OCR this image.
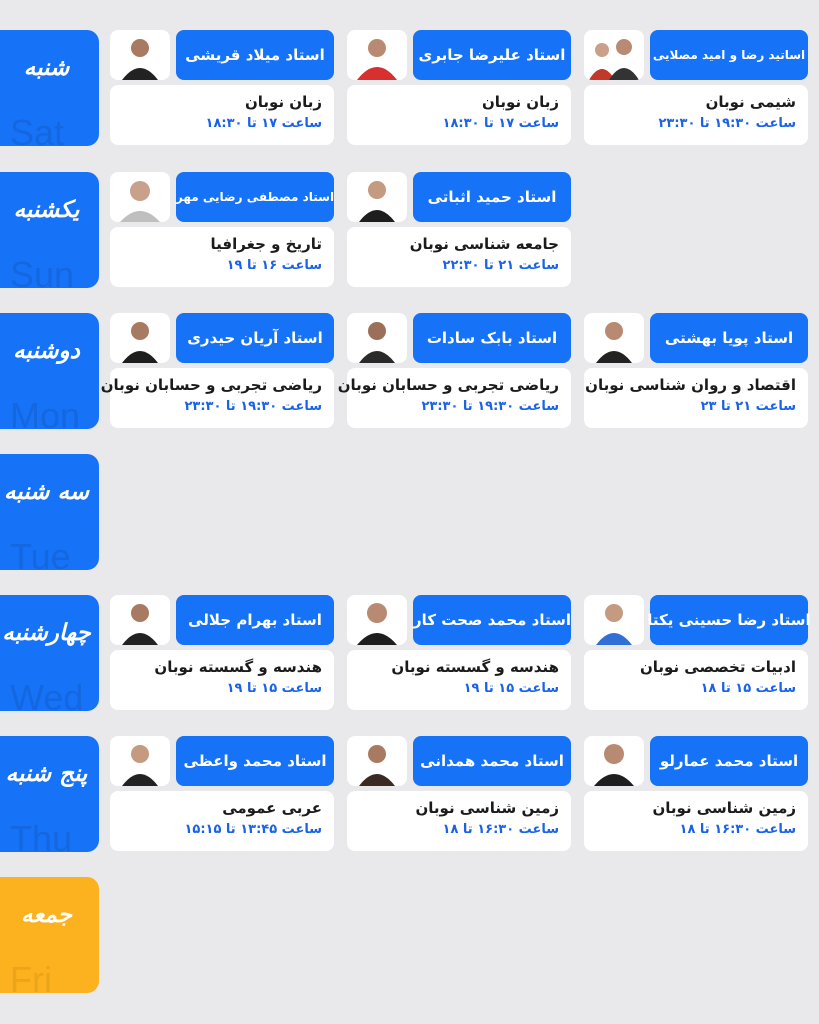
Sat
شنبه	اساتید رضا و امید مصلایی
شیمی نوبان
ساعت ۱۹:۳۰ تا ۲۳:۳۰
استاد علیرضا جابری
زبان نوبان
ساعت ۱۷ تا ۱۸:۳۰
استاد میلاد قریشی
زبان نوبان
ساعت ۱۷ تا ۱۸:۳۰
Sun
یکشنبه	استاد حمید اثباتی
جامعه شناسی نوبان
ساعت ۲۱ تا ۲۲:۳۰
استاد مصطفی رضایی مهر
تاریخ و جغرافیا
ساعت ۱۶ تا ۱۹
Mon
دوشنبه	استاد پویا بهشتی
اقتصاد و روان شناسی نوبان
ساعت ۲۱ تا ۲۳
استاد بابک سادات
ریاضی تجربی و حسابان نوبان
ساعت ۱۹:۳۰ تا ۲۳:۳۰
استاد آریان حیدری
ریاضی تجربی و حسابان نوبان
ساعت ۱۹:۳۰ تا ۲۳:۳۰
Tue
سه شنبه
Wed
چهارشنبه	استاد رضا حسینی یکتا
ادبیات تخصصی نوبان
ساعت ۱۵ تا ۱۸
استاد محمد صحت کار
هندسه و گسسته نوبان
ساعت ۱۵ تا ۱۹
استاد بهرام جلالی
هندسه و گسسته نوبان
ساعت ۱۵ تا ۱۹
Thu
پنج شنبه	استاد محمد عمارلو
زمین شناسی نوبان
ساعت ۱۶:۳۰ تا ۱۸
استاد محمد همدانی
زمین شناسی نوبان
ساعت ۱۶:۳۰ تا ۱۸
استاد محمد واعظی
عربی عمومی
ساعت ۱۳:۴۵ تا ۱۵:۱۵
Fri
جمعه
